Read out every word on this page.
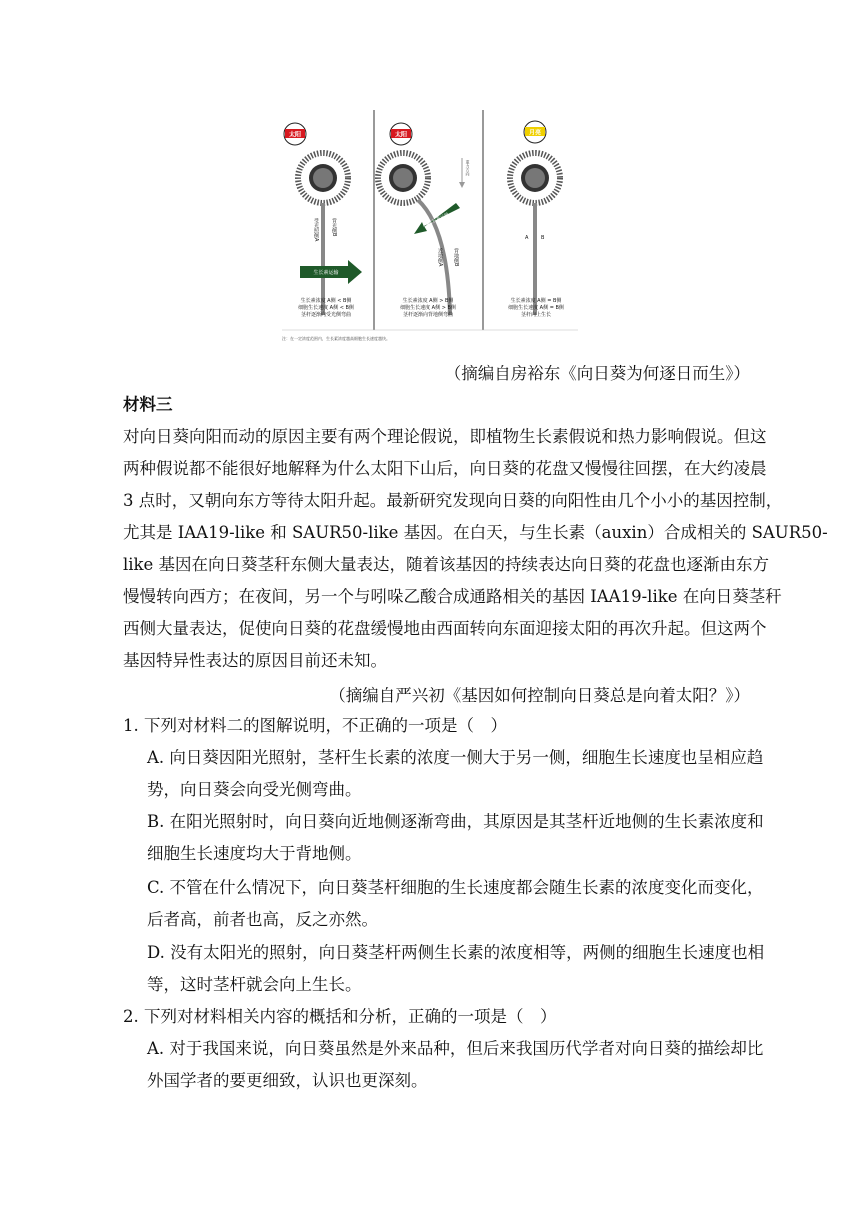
太阳
受光照侧A 背光侧B
生长素运输
生长素浓度 A侧 < B侧
细胞生长速度 A侧 < B侧
茎杆逐渐向受光侧弯曲
太阳
重力方向
近地侧A 背地侧B
生长素运输
生长素浓度 A侧 > B侧
细胞生长速度 A侧 > B侧
茎杆逐渐向背地侧弯曲
月亮
A	B
生长素浓度 A侧 = B侧
细胞生长速度 A侧 = B侧
茎杆向上生长
注：在一定浓度范围内，生长素浓度越高细胞生长速度越快。
（摘编自房裕东《向日葵为何逐日而生》）
材料三
对向日葵向阳而动的原因主要有两个理论假说，即植物生长素假说和热力影响假说。但这
两种假说都不能很好地解释为什么太阳下山后，向日葵的花盘又慢慢往回摆，在大约凌晨
3 点时，又朝向东方等待太阳升起。最新研究发现向日葵的向阳性由几个小小的基因控制，
尤其是 IAA19-like 和 SAUR50-like 基因。在白天，与生长素（auxin）合成相关的 SAUR50-
like 基因在向日葵茎秆东侧大量表达，随着该基因的持续表达向日葵的花盘也逐渐由东方
慢慢转向西方；在夜间，另一个与吲哚乙酸合成通路相关的基因 IAA19-like 在向日葵茎秆
西侧大量表达，促使向日葵的花盘缓慢地由西面转向东面迎接太阳的再次升起。但这两个
基因特异性表达的原因目前还未知。
（摘编自严兴初《基因如何控制向日葵总是向着太阳？》）
1. 下列对材料二的图解说明，不正确的一项是（　）
A. 向日葵因阳光照射，茎杆生长素的浓度一侧大于另一侧，细胞生长速度也呈相应趋
势，向日葵会向受光侧弯曲。
B. 在阳光照射时，向日葵向近地侧逐渐弯曲，其原因是其茎杆近地侧的生长素浓度和
细胞生长速度均大于背地侧。
C. 不管在什么情况下，向日葵茎杆细胞的生长速度都会随生长素的浓度变化而变化，
后者高，前者也高，反之亦然。
D. 没有太阳光的照射，向日葵茎杆两侧生长素的浓度相等，两侧的细胞生长速度也相
等，这时茎杆就会向上生长。
2. 下列对材料相关内容的概括和分析，正确的一项是（　）
A. 对于我国来说，向日葵虽然是外来品种，但后来我国历代学者对向日葵的描绘却比
外国学者的要更细致，认识也更深刻。
